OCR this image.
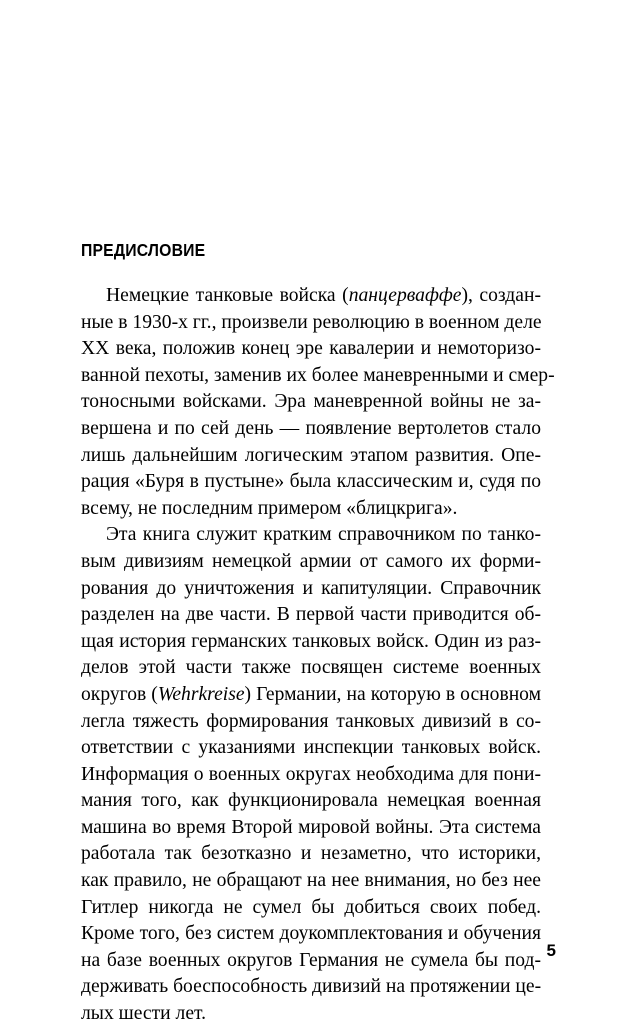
ПРЕДИСЛОВИЕ
Немецкие танковые войска (панцерваффе), создан-
ные в 1930-х гг., произвели революцию в военном деле
XX века, положив конец эре кавалерии и немоторизо-
ванной пехоты, заменив их более маневренными и смер-
тоносными войсками. Эра маневренной войны не за-
вершена и по сей день — появление вертолетов стало
лишь дальнейшим логическим этапом развития. Опе-
рация «Буря в пустыне» была классическим и, судя по
всему, не последним примером «блицкрига».
Эта книга служит кратким справочником по танко-
вым дивизиям немецкой армии от самого их форми-
рования до уничтожения и капитуляции. Справочник
разделен на две части. В первой части приводится об-
щая история германских танковых войск. Один из раз-
делов этой части также посвящен системе военных
округов (Wehrkreise) Германии, на которую в основном
легла тяжесть формирования танковых дивизий в со-
ответствии с указаниями инспекции танковых войск.
Информация о военных округах необходима для пони-
мания того, как функционировала немецкая военная
машина во время Второй мировой войны. Эта система
работала так безотказно и незаметно, что историки,
как правило, не обращают на нее внимания, но без нее
Гитлер никогда не сумел бы добиться своих побед.
Кроме того, без систем доукомплектования и обучения
на базе военных округов Германия не сумела бы под-
держивать боеспособность дивизий на протяжении це-
лых шести лет.
5
